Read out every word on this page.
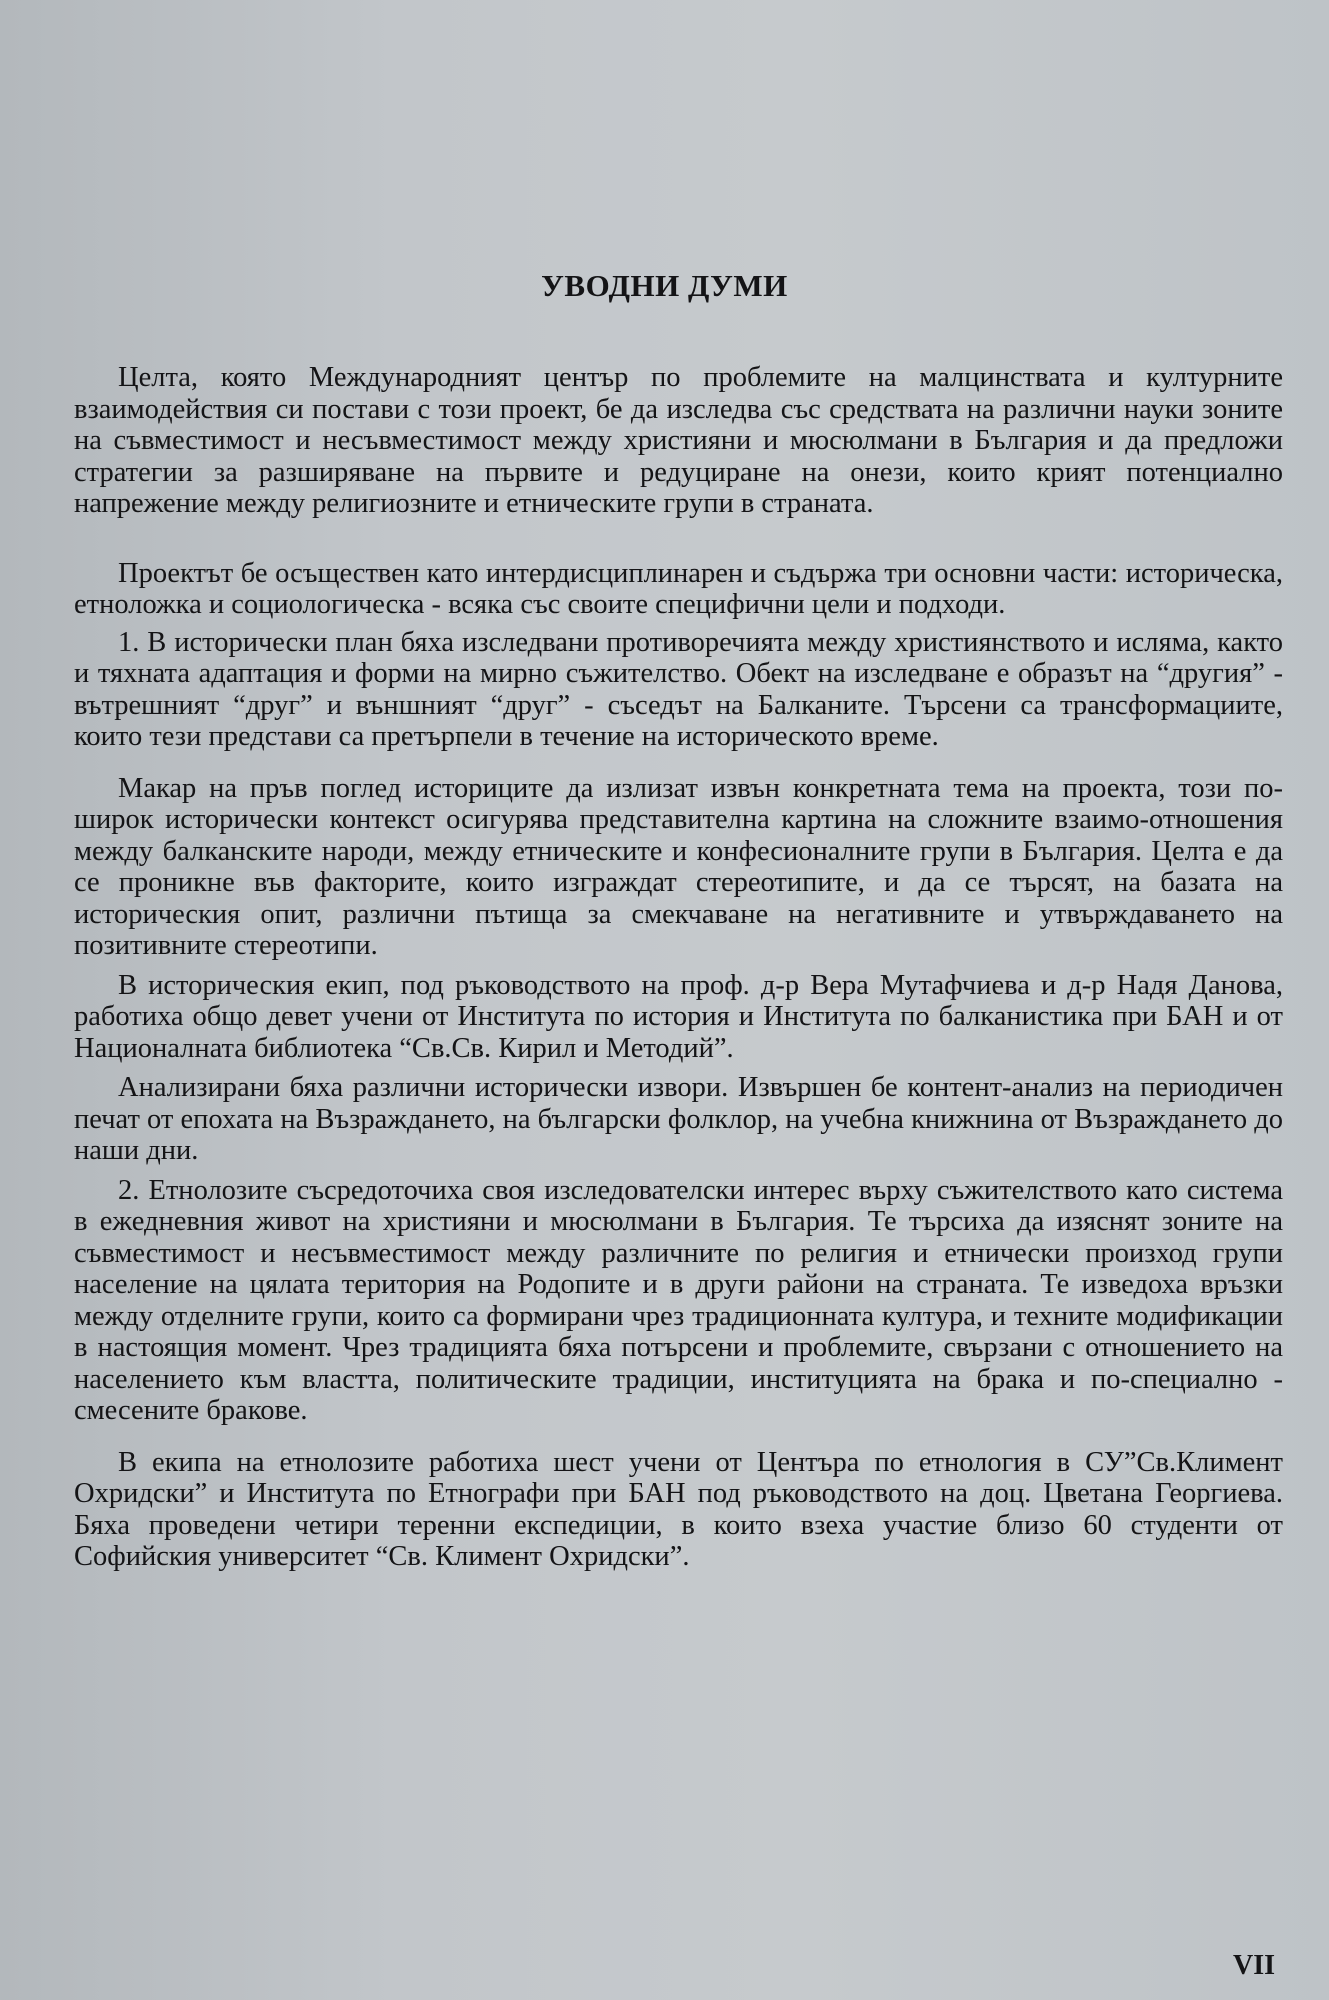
УВОДНИ ДУМИ

Целта, която Международният център по проблемите на малцинствата и културните взаимодействия си постави с този проект, бе да изследва със средствата на различни науки зоните на съвместимост и несъвместимост между християни и мюсюлмани в България и да предложи стратегии за разширяване на първите и редуциране на онези, които крият потенциално напрежение между религиозните и етническите групи в страната.

Проектът бе осъществен като интердисциплинарен и съдържа три основни части: историческа, етноложка и социологическа - всяка със своите специфични цели и подходи.

1. В исторически план бяха изследвани противоречията между християнството и исляма, както и тяхната адаптация и форми на мирно съжителство. Обект на изследване е образът на “другия” - вътрешният “друг” и външният “друг” - съседът на Балканите. Търсени са трансформациите, които тези представи са претърпели в течение на историческото време.

Макар на пръв поглед историците да излизат извън конкретната тема на проекта, този по-широк исторически контекст осигурява представителна картина на сложните взаимо-отношения между балканските народи, между етническите и конфесионалните групи в България. Целта е да се проникне във факторите, които изграждат стереотипите, и да се търсят, на базата на историческия опит, различни пътища за смекчаване на негативните и утвърждаването на позитивните стереотипи.

В историческия екип, под ръководството на проф. д-р Вера Мутафчиева и д-р Надя Данова, работиха общо девет учени от Института по история и Института по балканистика при БАН и от Националната библиотека “Св.Св. Кирил и Методий”.

Анализирани бяха различни исторически извори. Извършен бе контент-анализ на периодичен печат от епохата на Възраждането, на български фолклор, на учебна книжнина от Възраждането до наши дни.

2. Етнолозите съсредоточиха своя изследователски интерес върху съжителството като система в ежедневния живот на християни и мюсюлмани в България. Те търсиха да изяснят зоните на съвместимост и несъвместимост между различните по религия и етнически произход групи население на цялата територия на Родопите и в други райони на страната. Те изведоха връзки между отделните групи, които са формирани чрез традиционната култура, и техните модификации в настоящия момент. Чрез традицията бяха потърсени и проблемите, свързани с отношението на населението към властта, политическите традиции, институцията на брака и по-специално - смесените бракове.

В екипа на етнолозите работиха шест учени от Центъра по етнология в СУ”Св.Климент Охридски” и Института по Етнографи при БАН под ръководството на доц. Цветана Георгиева. Бяха проведени четири теренни експедиции, в които взеха участие близо 60 студенти от Софийския университет “Св. Климент Охридски”.

VII
